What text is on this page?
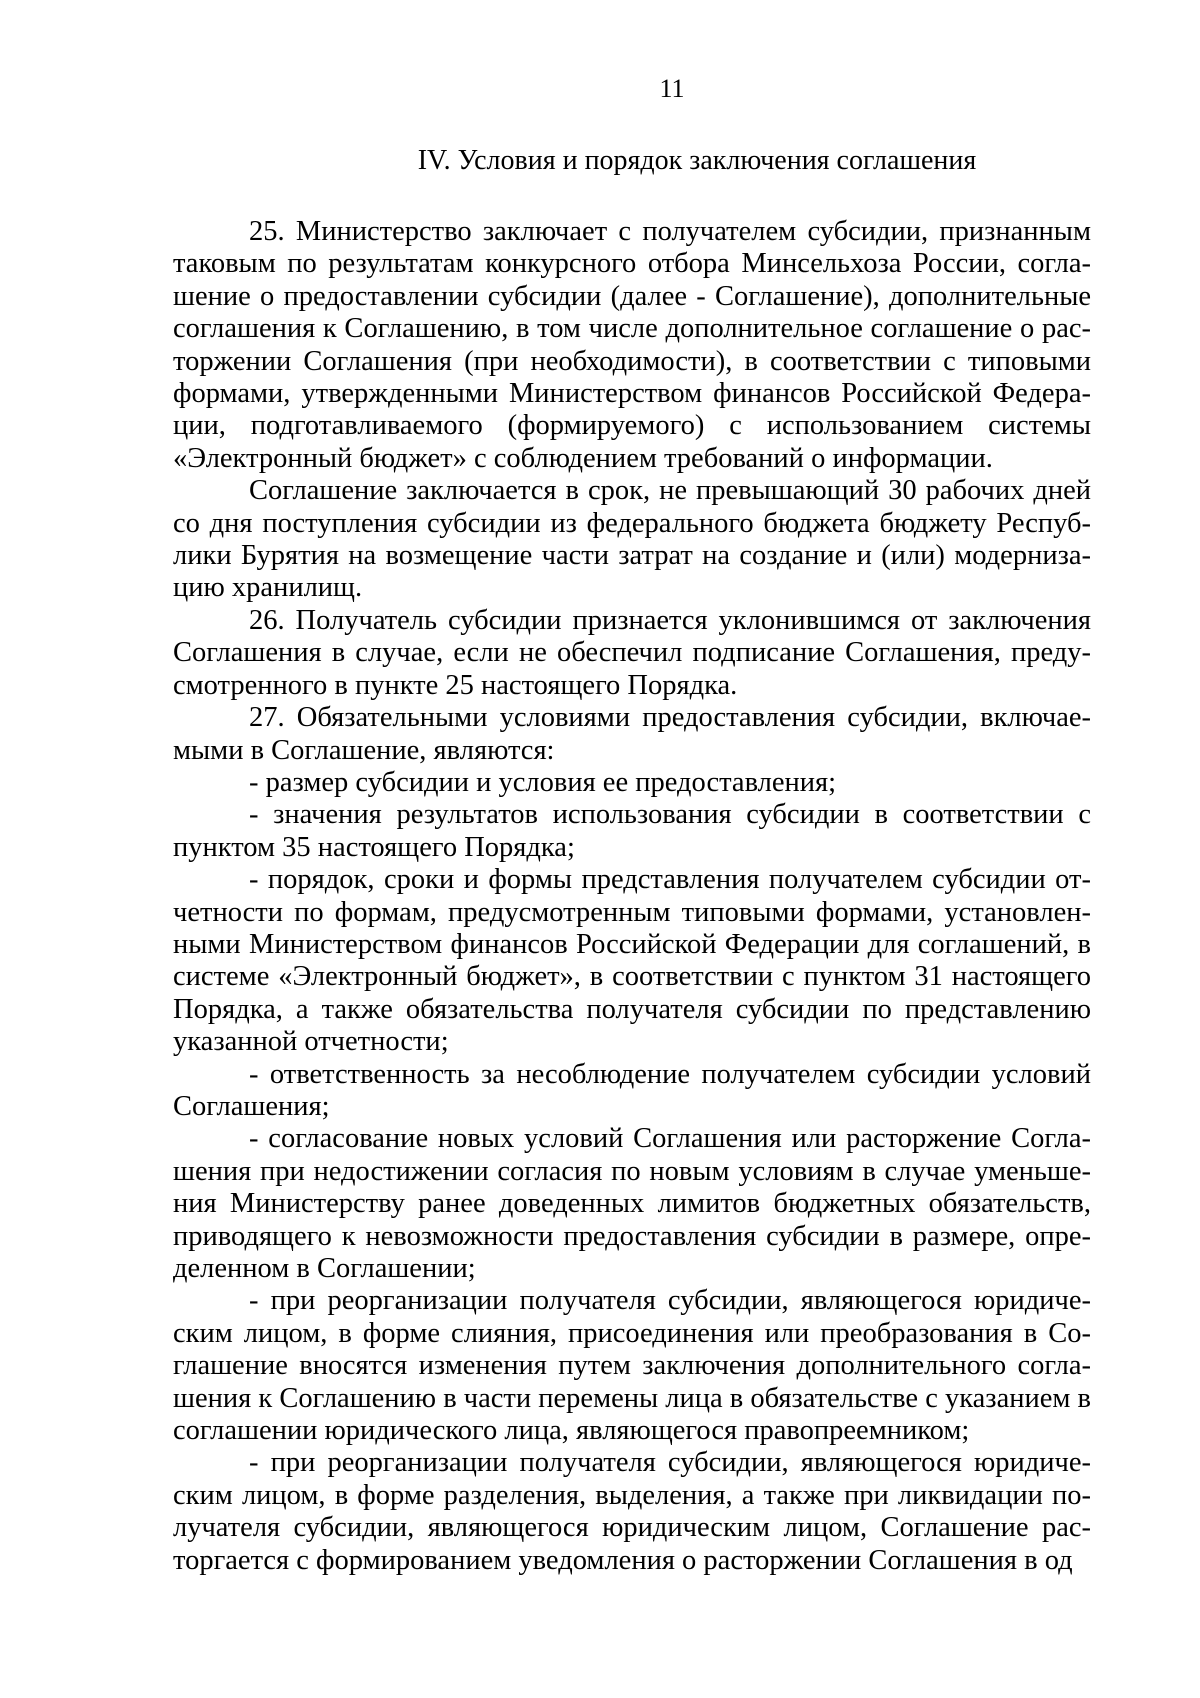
11
IV. Условия и порядок заключения соглашения

25. Министерство заключает с получателем субсидии, признанным таковым по результатам конкурсного отбора Минсельхоза России, соглашение о предоставлении субсидии (далее - Соглашение), дополнительные соглашения к Соглашению, в том числе дополнительное соглашение о расторжении Соглашения (при необходимости), в соответствии с типовыми формами, утвержденными Министерством финансов Российской Федерации, подготавливаемого (формируемого) с использованием системы «Электронный бюджет» с соблюдением требований о информации.

Соглашение заключается в срок, не превышающий 30 рабочих дней со дня поступления субсидии из федерального бюджета бюджету Республики Бурятия на возмещение части затрат на создание и (или) модернизацию хранилищ.

26. Получатель субсидии признается уклонившимся от заключения Соглашения в случае, если не обеспечил подписание Соглашения, предусмотренного в пункте 25 настоящего Порядка.

27. Обязательными условиями предоставления субсидии, включаемыми в Соглашение, являются:

- размер субсидии и условия ее предоставления;

- значения результатов использования субсидии в соответствии с пунктом 35 настоящего Порядка;

- порядок, сроки и формы представления получателем субсидии отчетности по формам, предусмотренным типовыми формами, установленными Министерством финансов Российской Федерации для соглашений, в системе «Электронный бюджет», в соответствии с пунктом 31 настоящего Порядка, а также обязательства получателя субсидии по представлению указанной отчетности;

- ответственность за несоблюдение получателем субсидии условий Соглашения;

- согласование новых условий Соглашения или расторжение Соглашения при недостижении согласия по новым условиям в случае уменьшения Министерству ранее доведенных лимитов бюджетных обязательств, приводящего к невозможности предоставления субсидии в размере, определенном в Соглашении;

- при реорганизации получателя субсидии, являющегося юридическим лицом, в форме слияния, присоединения или преобразования в Соглашение вносятся изменения путем заключения дополнительного соглашения к Соглашению в части перемены лица в обязательстве с указанием в соглашении юридического лица, являющегося правопреемником;

- при реорганизации получателя субсидии, являющегося юридическим лицом, в форме разделения, выделения, а также при ликвидации получателя субсидии, являющегося юридическим лицом, Соглашение расторгается с формированием уведомления о расторжении Соглашения в од
